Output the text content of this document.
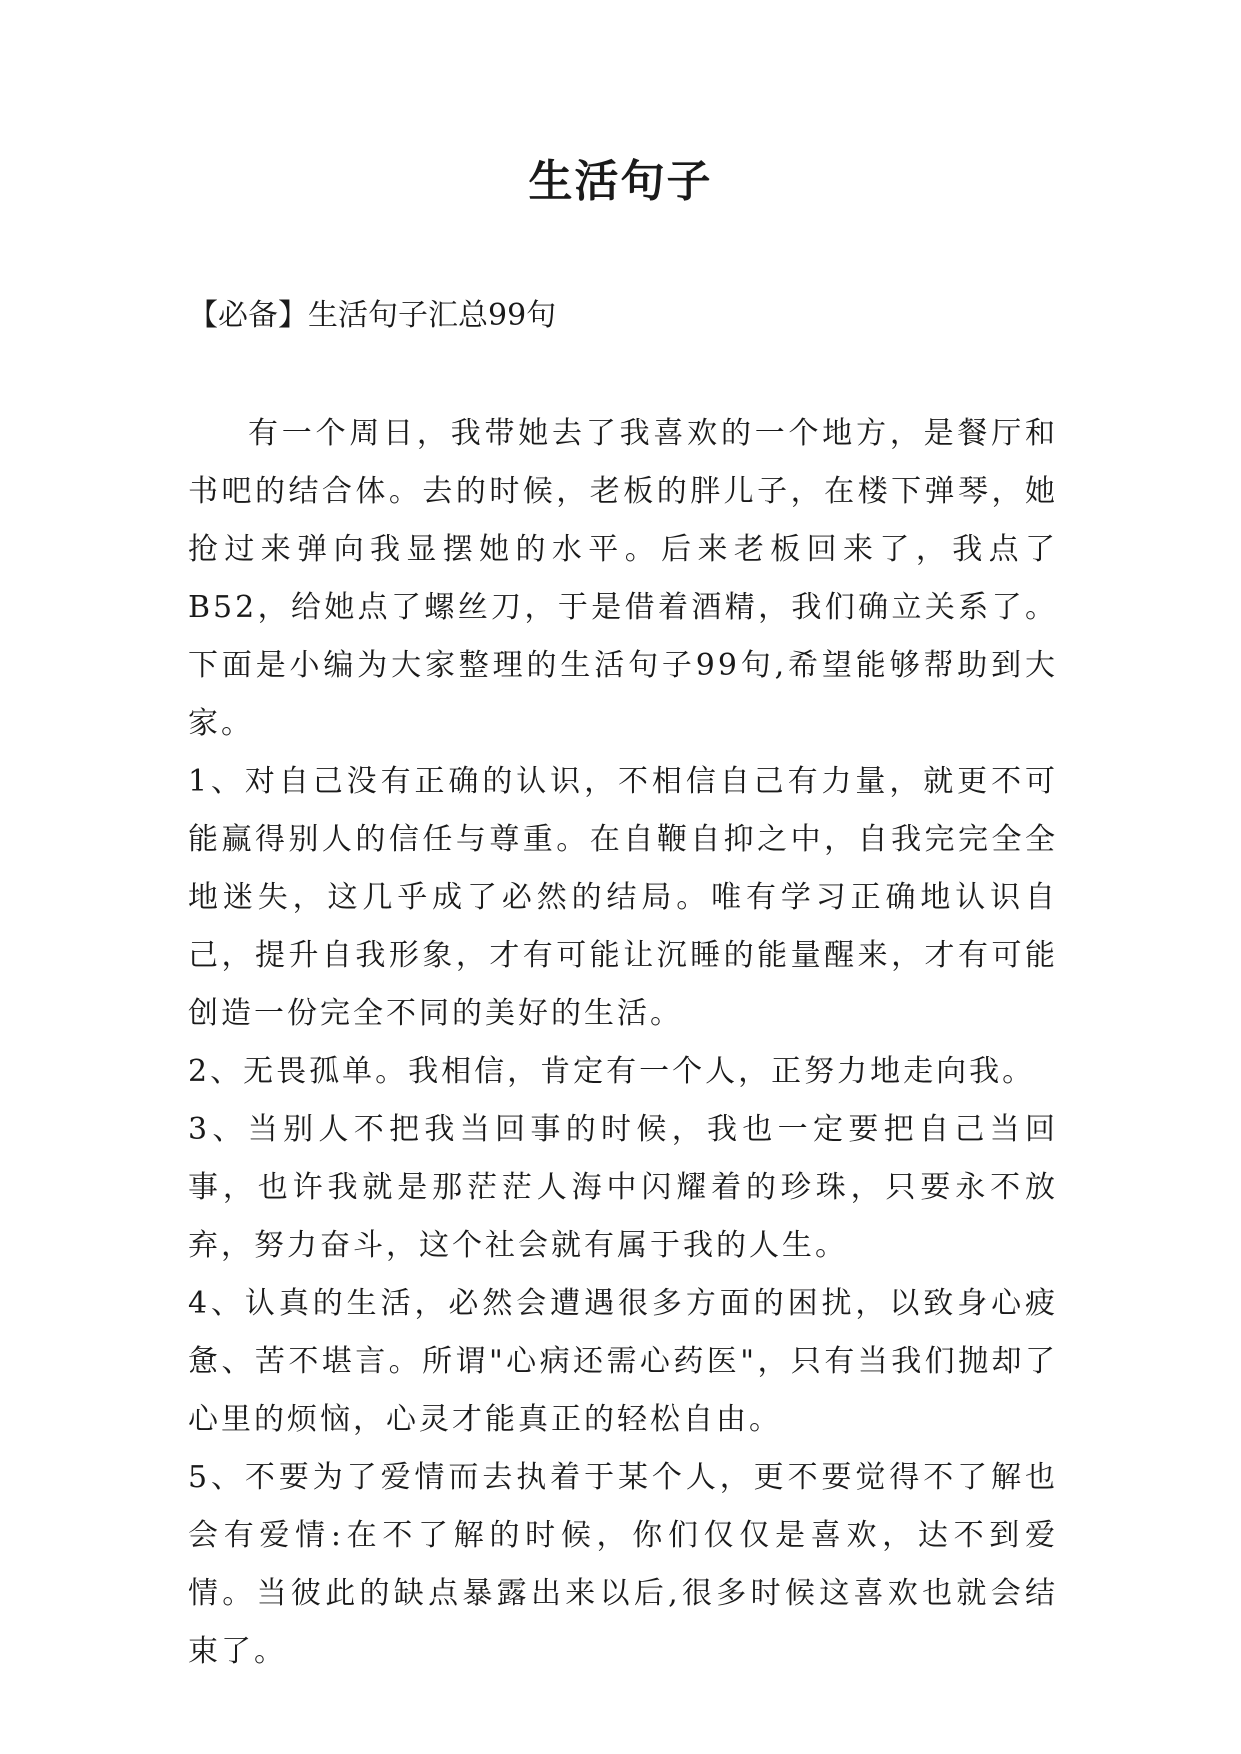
生活句子

【必备】生活句子汇总99句

有一个周日，我带她去了我喜欢的一个地方，是餐厅和书吧的结合体。去的时候，老板的胖儿子，在楼下弹琴，她抢过来弹向我显摆她的水平。后来老板回来了，我点了B52，给她点了螺丝刀，于是借着酒精，我们确立关系了。下面是小编为大家整理的生活句子99句,希望能够帮助到大家。

1、对自己没有正确的认识，不相信自己有力量，就更不可能赢得别人的信任与尊重。在自鞭自抑之中，自我完完全全地迷失，这几乎成了必然的结局。唯有学习正确地认识自己，提升自我形象，才有可能让沉睡的能量醒来，才有可能创造一份完全不同的美好的生活。

2、无畏孤单。我相信，肯定有一个人，正努力地走向我。

3、当别人不把我当回事的时候，我也一定要把自己当回事，也许我就是那茫茫人海中闪耀着的珍珠，只要永不放弃，努力奋斗，这个社会就有属于我的人生。

4、认真的生活，必然会遭遇很多方面的困扰，以致身心疲惫、苦不堪言。所谓"心病还需心药医"，只有当我们抛却了心里的烦恼，心灵才能真正的轻松自由。

5、不要为了爱情而去执着于某个人，更不要觉得不了解也会有爱情:在不了解的时候，你们仅仅是喜欢，达不到爱情。当彼此的缺点暴露出来以后,很多时候这喜欢也就会结束了。
